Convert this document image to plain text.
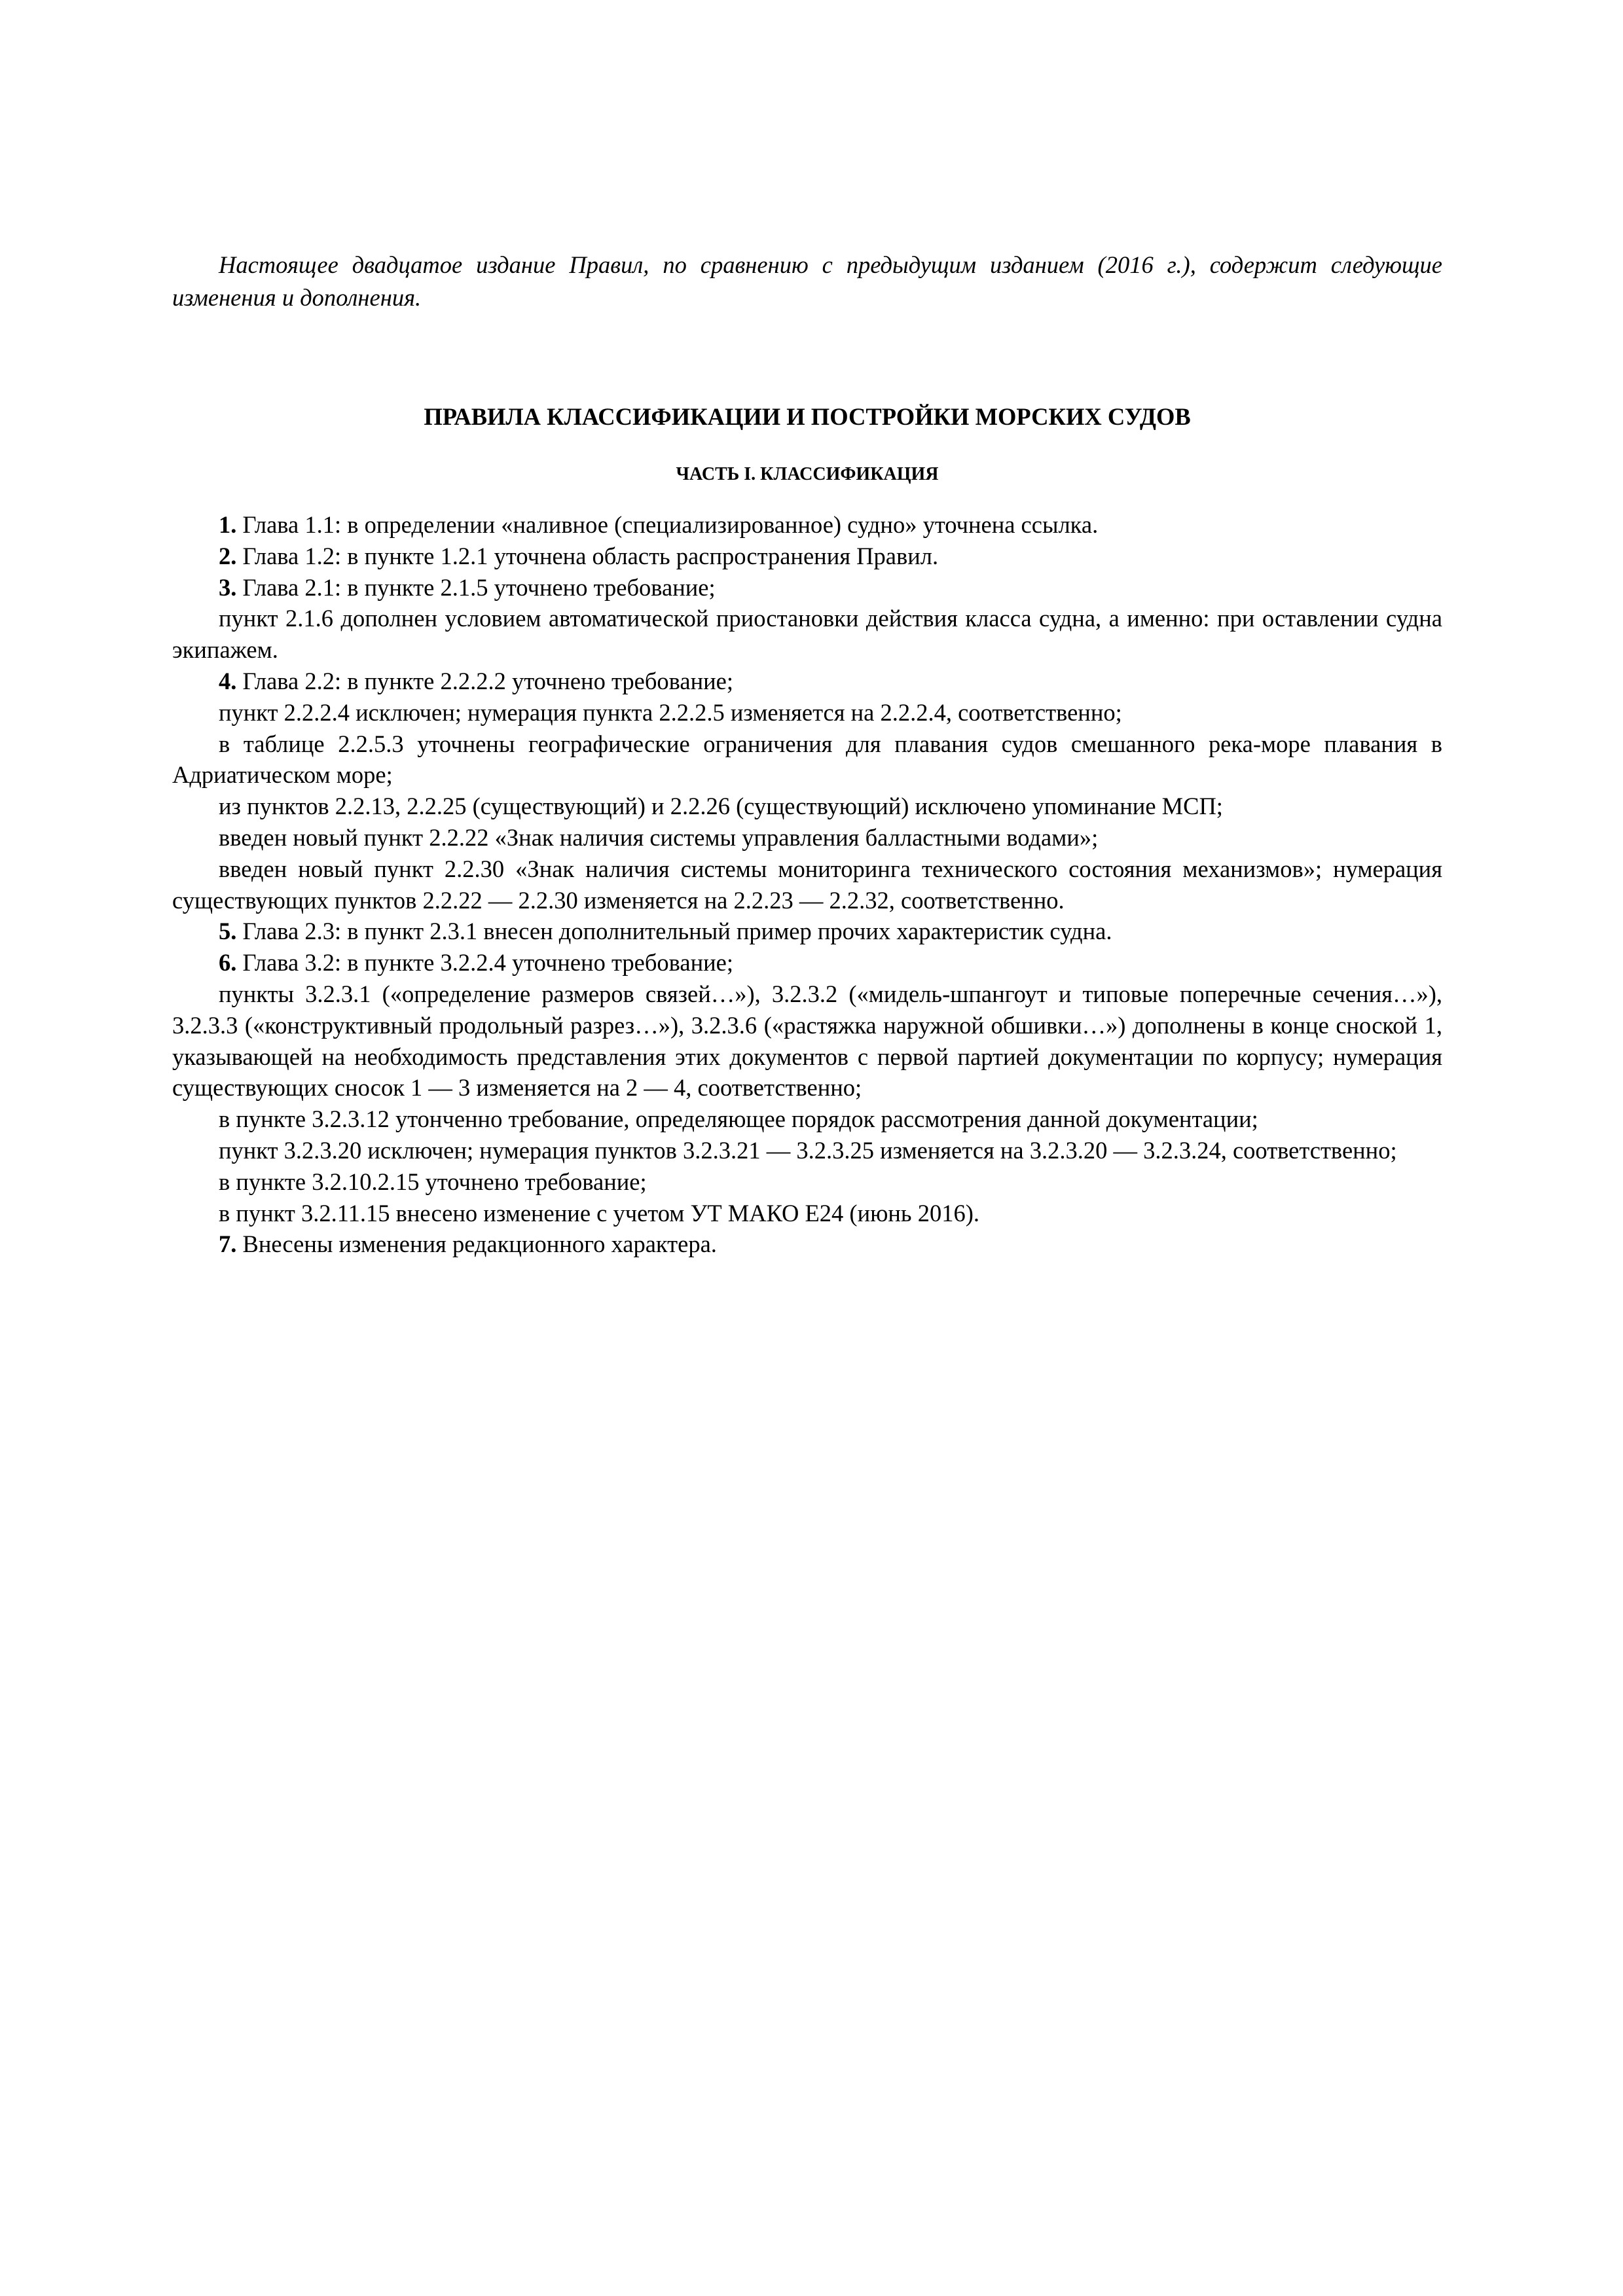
Настоящее двадцатое издание Правил, по сравнению с предыдущим изданием (2016 г.), содержит следующие изменения и дополнения.

ПРАВИЛА КЛАССИФИКАЦИИ И ПОСТРОЙКИ МОРСКИХ СУДОВ
ЧАСТЬ I. КЛАССИФИКАЦИЯ

1. Глава 1.1: в определении «наливное (специализированное) судно» уточнена ссылка.

2. Глава 1.2: в пункте 1.2.1 уточнена область распространения Правил.

3. Глава 2.1: в пункте 2.1.5 уточнено требование;

пункт 2.1.6 дополнен условием автоматической приостановки действия класса судна, а именно: при оставлении судна экипажем.

4. Глава 2.2: в пункте 2.2.2.2 уточнено требование;

пункт 2.2.2.4 исключен; нумерация пункта 2.2.2.5 изменяется на 2.2.2.4, соответственно;

в таблице 2.2.5.3 уточнены географические ограничения для плавания судов смешанного река-море плавания в Адриатическом море;

из пунктов 2.2.13, 2.2.25 (существующий) и 2.2.26 (существующий) исключено упоминание МСП;

введен новый пункт 2.2.22 «Знак наличия системы управления балластными водами»;

введен новый пункт 2.2.30 «Знак наличия системы мониторинга технического состояния механизмов»; нумерация существующих пунктов 2.2.22 — 2.2.30 изменяется на 2.2.23 — 2.2.32, соответственно.

5. Глава 2.3: в пункт 2.3.1 внесен дополнительный пример прочих характеристик судна.

6. Глава 3.2: в пункте 3.2.2.4 уточнено требование;

пункты 3.2.3.1 («определение размеров связей…»), 3.2.3.2 («мидель-шпангоут и типовые поперечные сечения…»), 3.2.3.3 («конструктивный продольный разрез…»), 3.2.3.6 («растяжка наружной обшивки…») дополнены в конце сноской 1, указывающей на необходимость представления этих документов с первой партией документации по корпусу; нумерация существующих сносок 1 — 3 изменяется на 2 — 4, соответственно;

в пункте 3.2.3.12 утонченно требование, определяющее порядок рассмотрения данной документации;

пункт 3.2.3.20 исключен; нумерация пунктов 3.2.3.21 — 3.2.3.25 изменяется на 3.2.3.20 — 3.2.3.24, соответственно;

в пункте 3.2.10.2.15 уточнено требование;

в пункт 3.2.11.15 внесено изменение с учетом УТ МАКО Е24 (июнь 2016).

7. Внесены изменения редакционного характера.
